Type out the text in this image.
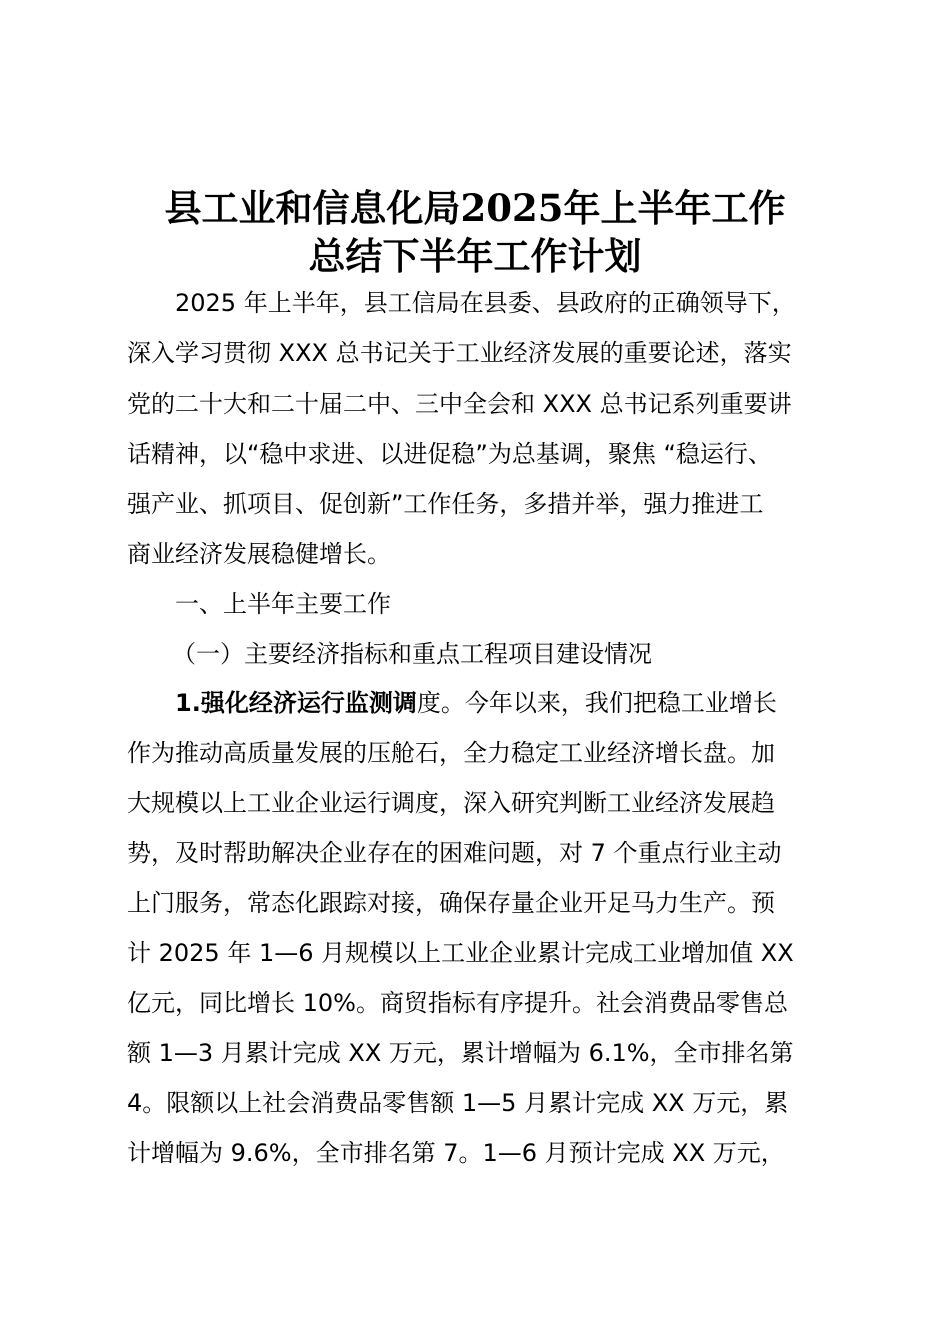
县工业和信息化局2025年上半年工作
总结下半年工作计划
2025 年上半年，县工信局在县委、县政府的正确领导下，
深入学习贯彻 XXX 总书记关于工业经济发展的重要论述，落实
党的二十大和二十届二中、三中全会和 XXX 总书记系列重要讲
话精神，以“稳中求进、以进促稳”为总基调，聚焦 “稳运行、
强产业、抓项目、促创新”工作任务，多措并举，强力推进工
商业经济发展稳健增长。
一、上半年主要工作
（一）主要经济指标和重点工程项目建设情况
1.强化经济运行监测调度。今年以来，我们把稳工业增长
作为推动高质量发展的压舱石，全力稳定工业经济增长盘。加
大规模以上工业企业运行调度，深入研究判断工业经济发展趋
势，及时帮助解决企业存在的困难问题，对 7 个重点行业主动
上门服务，常态化跟踪对接，确保存量企业开足马力生产。预
计 2025 年 1—6 月规模以上工业企业累计完成工业增加值 XX
亿元，同比增长 10%。商贸指标有序提升。社会消费品零售总
额 1—3 月累计完成 XX 万元，累计增幅为 6.1%，全市排名第
4。限额以上社会消费品零售额 1—5 月累计完成 XX 万元，累
计增幅为 9.6%，全市排名第 7。1—6 月预计完成 XX 万元，
